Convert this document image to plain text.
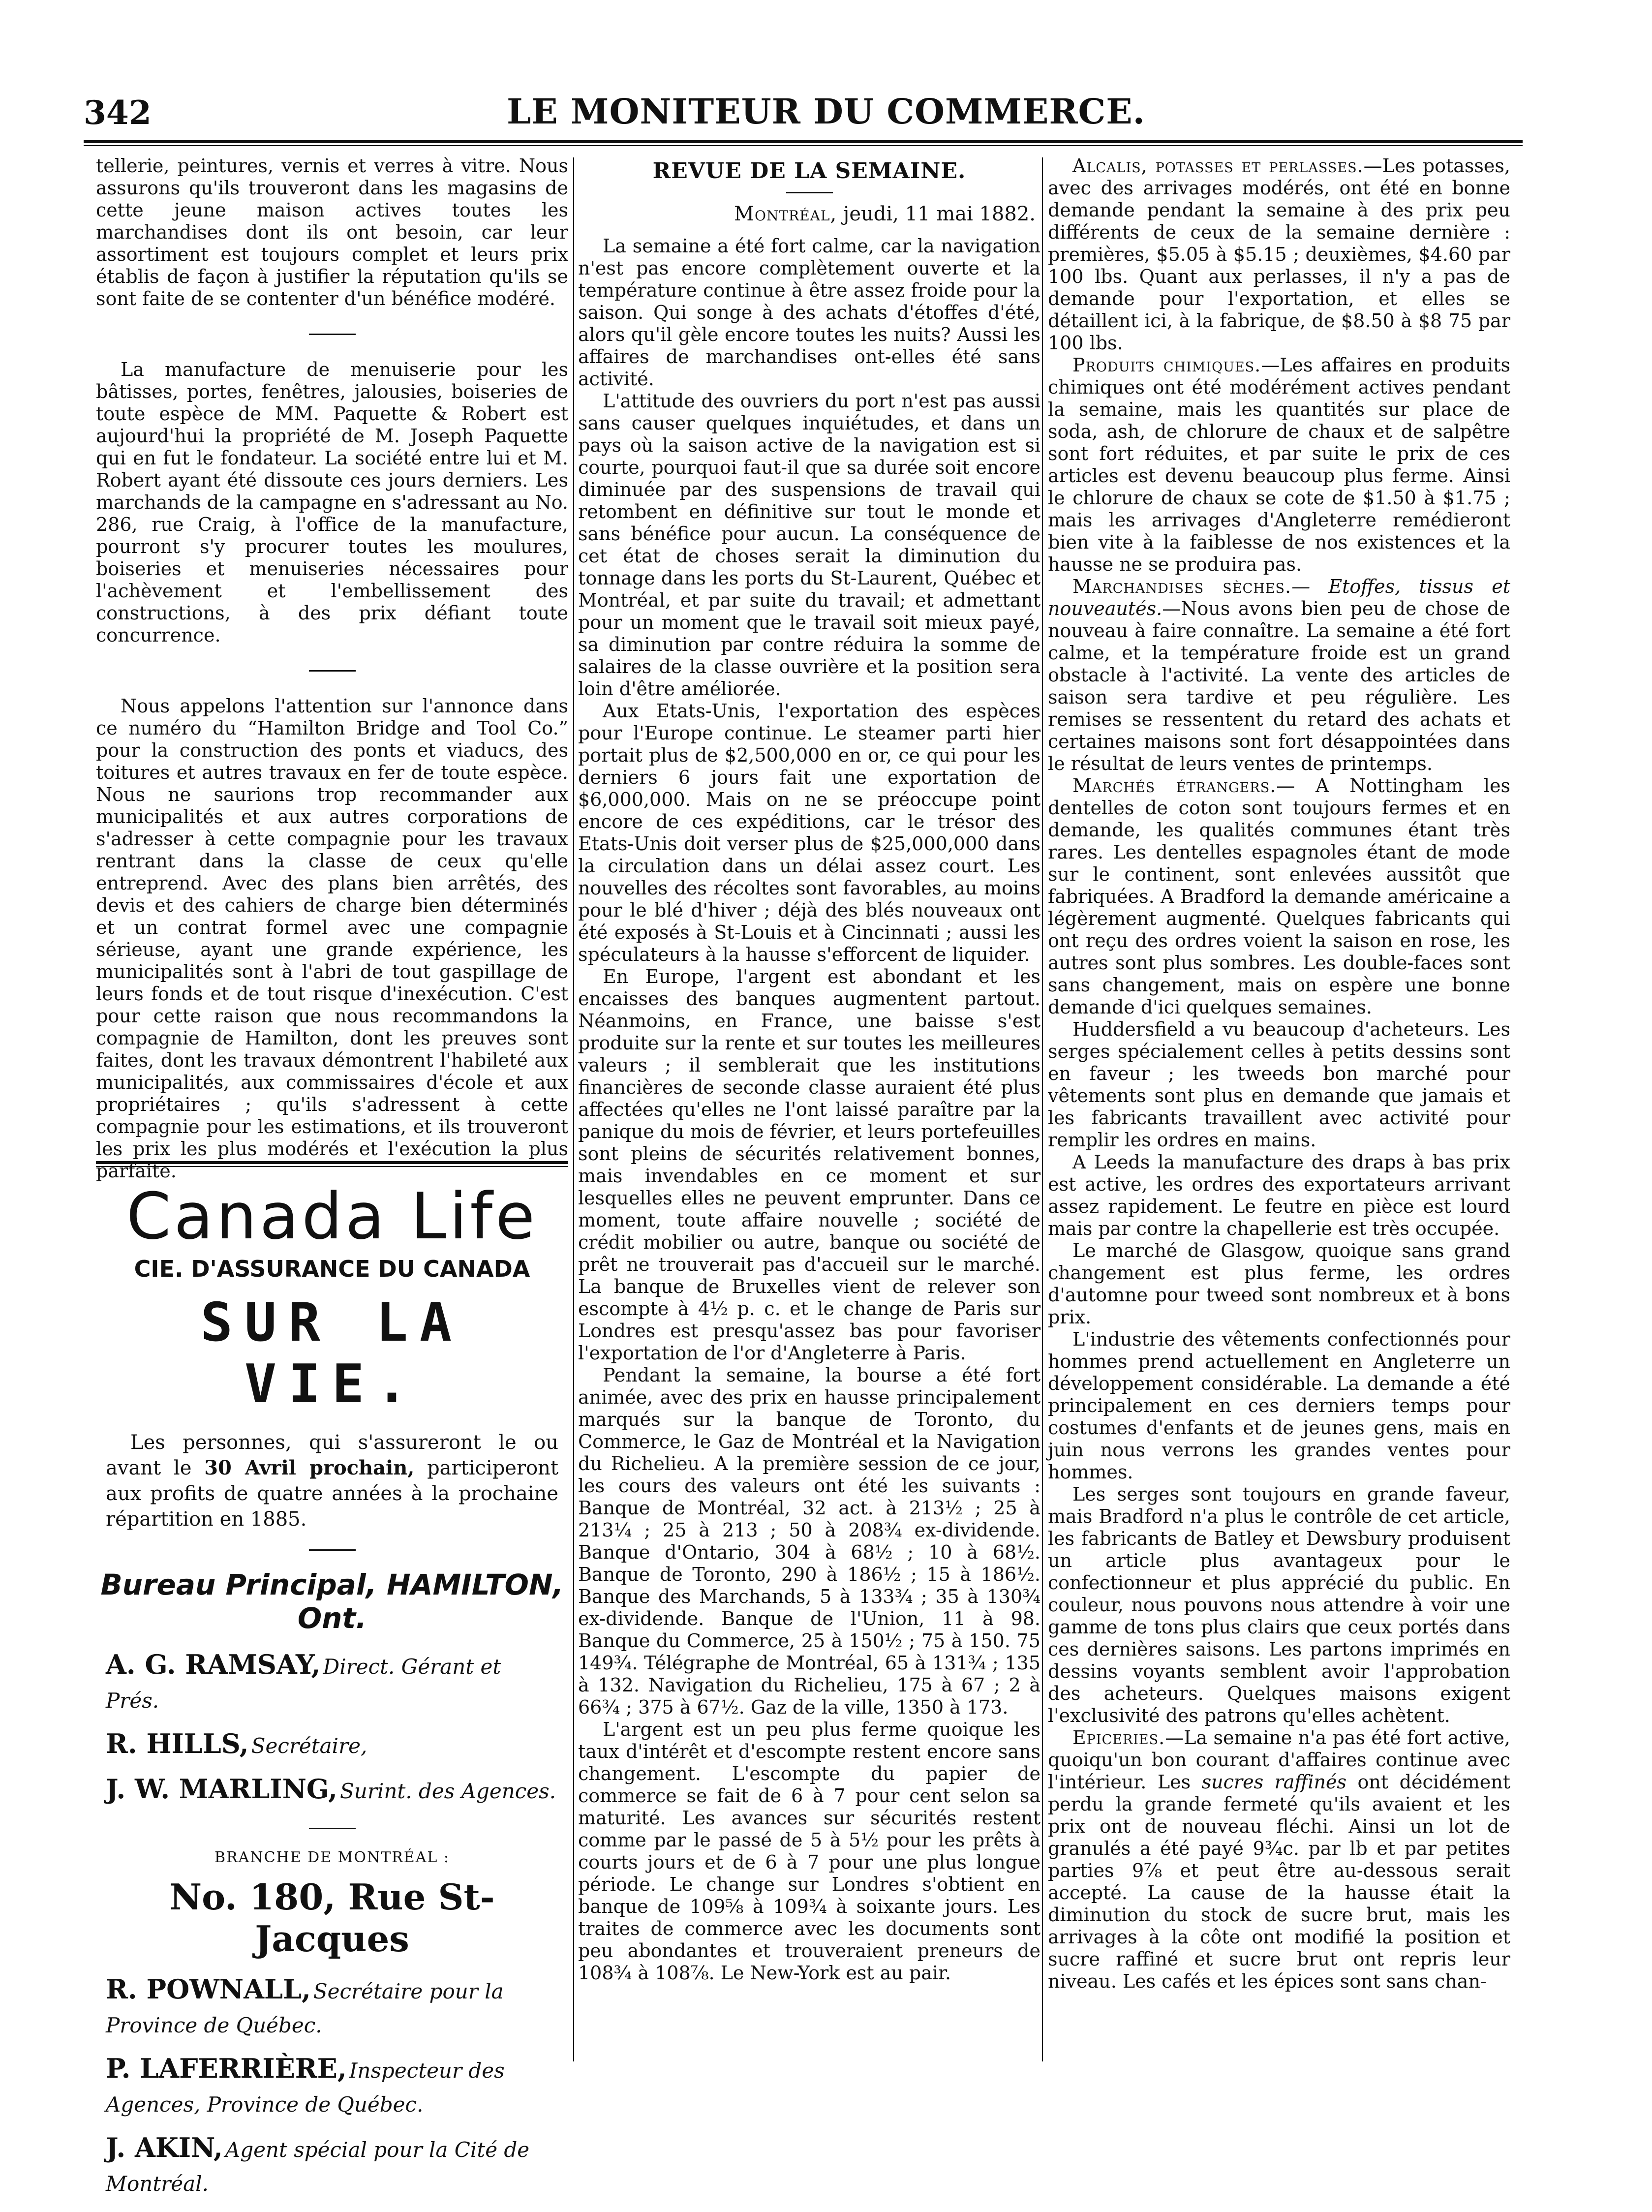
342	LE MONITEUR DU COMMERCE.

tellerie, peintures, vernis et verres à vitre. Nous assurons qu'ils trouveront dans les magasins de cette jeune maison actives toutes les marchandises dont ils ont besoin, car leur assortiment est toujours complet et leurs prix établis de façon à justifier la réputation qu'ils se sont faite de se contenter d'un bénéfice modéré.

La manufacture de menuiserie pour les bâtisses, portes, fenêtres, jalousies, boiseries de toute espèce de MM. Paquette & Robert est aujourd'hui la propriété de M. Joseph Paquette qui en fut le fondateur. La société entre lui et M. Robert ayant été dissoute ces jours derniers. Les marchands de la campagne en s'adressant au No. 286, rue Craig, à l'office de la manufacture, pourront s'y procurer toutes les moulures, boiseries et menuiseries nécessaires pour l'achèvement et l'embellissement des constructions, à des prix défiant toute concurrence.

Nous appelons l'attention sur l'annonce dans ce numéro du “Hamilton Bridge and Tool Co.” pour la construction des ponts et viaducs, des toitures et autres travaux en fer de toute espèce. Nous ne saurions trop recommander aux municipalités et aux autres corporations de s'adresser à cette compagnie pour les travaux rentrant dans la classe de ceux qu'elle entreprend. Avec des plans bien arrêtés, des devis et des cahiers de charge bien déterminés et un contrat formel avec une compagnie sérieuse, ayant une grande expérience, les municipalités sont à l'abri de tout gaspillage de leurs fonds et de tout risque d'inexécution. C'est pour cette raison que nous recommandons la compagnie de Hamilton, dont les preuves sont faites, dont les travaux démontrent l'habileté aux municipalités, aux commissaires d'école et aux propriétaires ; qu'ils s'adressent à cette compagnie pour les estimations, et ils trouveront les prix les plus modérés et l'exécution la plus parfaite.

Canada Life
CIE. D'ASSURANCE DU CANADA
SUR LA VIE.
Les personnes, qui s'assureront le ou avant le 30 Avril prochain, participeront aux profits de quatre années à la prochaine répartition en 1885.
Bureau Principal, HAMILTON, Ont.
A. G. RAMSAY, Direct. Gérant et Prés.
R. HILLS, Secrétaire,
J. W. MARLING, Surint. des Agences.
BRANCHE DE MONTRÉAL :
No. 180, Rue St-Jacques
R. POWNALL, Secrétaire pour la Province de Québec.
P. LAFERRIÈRE, Inspecteur des Agences, Province de Québec.
J. AKIN, Agent spécial pour la Cité de Montréal.
REVUE DE LA SEMAINE.
Montréal, jeudi, 11 mai 1882.

La semaine a été fort calme, car la navigation n'est pas encore complètement ouverte et la température continue à être assez froide pour la saison. Qui songe à des achats d'étoffes d'été, alors qu'il gèle encore toutes les nuits? Aussi les affaires de marchandises ont-elles été sans activité.

L'attitude des ouvriers du port n'est pas aussi sans causer quelques inquiétudes, et dans un pays où la saison active de la navigation est si courte, pourquoi faut-il que sa durée soit encore diminuée par des suspensions de travail qui retombent en définitive sur tout le monde et sans bénéfice pour aucun. La conséquence de cet état de choses serait la diminution du tonnage dans les ports du St-Laurent, Québec et Montréal, et par suite du travail; et admettant pour un moment que le travail soit mieux payé, sa diminution par contre réduira la somme de salaires de la classe ouvrière et la position sera loin d'être améliorée.

Aux Etats-Unis, l'exportation des espèces pour l'Europe continue. Le steamer parti hier portait plus de $2,500,000 en or, ce qui pour les derniers 6 jours fait une exportation de $6,000,000. Mais on ne se préoccupe point encore de ces expéditions, car le trésor des Etats-Unis doit verser plus de $25,000,000 dans la circulation dans un délai assez court. Les nouvelles des récoltes sont favorables, au moins pour le blé d'hiver ; déjà des blés nouveaux ont été exposés à St-Louis et à Cincinnati ; aussi les spéculateurs à la hausse s'efforcent de liquider.

En Europe, l'argent est abondant et les encaisses des banques augmentent partout. Néanmoins, en France, une baisse s'est produite sur la rente et sur toutes les meilleures valeurs ; il semblerait que les institutions financières de seconde classe auraient été plus affectées qu'elles ne l'ont laissé paraître par la panique du mois de février, et leurs portefeuilles sont pleins de sécurités relativement bonnes, mais invendables en ce moment et sur lesquelles elles ne peuvent emprunter. Dans ce moment, toute affaire nouvelle ; société de crédit mobilier ou autre, banque ou société de prêt ne trouverait pas d'accueil sur le marché. La banque de Bruxelles vient de relever son escompte à 4½ p. c. et le change de Paris sur Londres est presqu'assez bas pour favoriser l'exportation de l'or d'Angleterre à Paris.

Pendant la semaine, la bourse a été fort animée, avec des prix en hausse principalement marqués sur la banque de Toronto, du Commerce, le Gaz de Montréal et la Navigation du Richelieu. A la première session de ce jour, les cours des valeurs ont été les suivants : Banque de Montréal, 32 act. à 213½ ; 25 à 213¼ ; 25 à 213 ; 50 à 208¾ ex-dividende. Banque d'Ontario, 304 à 68½ ; 10 à 68½. Banque de Toronto, 290 à 186½ ; 15 à 186½. Banque des Marchands, 5 à 133¾ ; 35 à 130¾ ex-dividende. Banque de l'Union, 11 à 98. Banque du Commerce, 25 à 150½ ; 75 à 150. 75 149¾. Télégraphe de Montréal, 65 à 131¾ ; 135 à 132. Navigation du Richelieu, 175 à 67 ; 2 à 66¾ ; 375 à 67½. Gaz de la ville, 1350 à 173.

L'argent est un peu plus ferme quoique les taux d'intérêt et d'escompte restent encore sans changement. L'escompte du papier de commerce se fait de 6 à 7 pour cent selon sa maturité. Les avances sur sécurités restent comme par le passé de 5 à 5½ pour les prêts à courts jours et de 6 à 7 pour une plus longue période. Le change sur Londres s'obtient en banque de 109⅝ à 109¾ à soixante jours. Les traites de commerce avec les documents sont peu abondantes et trouveraient preneurs de 108¾ à 108⅞. Le New-York est au pair.

Alcalis, potasses et perlasses.—Les potasses, avec des arrivages modérés, ont été en bonne demande pendant la semaine à des prix peu différents de ceux de la semaine dernière : premières, $5.05 à $5.15 ; deuxièmes, $4.60 par 100 lbs. Quant aux perlasses, il n'y a pas de demande pour l'exportation, et elles se détaillent ici, à la fabrique, de $8.50 à $8 75 par 100 lbs.

Produits chimiques.—Les affaires en produits chimiques ont été modérément actives pendant la semaine, mais les quantités sur place de soda, ash, de chlorure de chaux et de salpêtre sont fort réduites, et par suite le prix de ces articles est devenu beaucoup plus ferme. Ainsi le chlorure de chaux se cote de $1.50 à $1.75 ; mais les arrivages d'Angleterre remédieront bien vite à la faiblesse de nos existences et la hausse ne se produira pas.

Marchandises sèches.— Etoffes, tissus et nouveautés.—Nous avons bien peu de chose de nouveau à faire connaître. La semaine a été fort calme, et la température froide est un grand obstacle à l'activité. La vente des articles de saison sera tardive et peu régulière. Les remises se ressentent du retard des achats et certaines maisons sont fort désappointées dans le résultat de leurs ventes de printemps.

Marchés étrangers.— A Nottingham les dentelles de coton sont toujours fermes et en demande, les qualités communes étant très rares. Les dentelles espagnoles étant de mode sur le continent, sont enlevées aussitôt que fabriquées. A Bradford la demande américaine a légèrement augmenté. Quelques fabricants qui ont reçu des ordres voient la saison en rose, les autres sont plus sombres. Les double-faces sont sans changement, mais on espère une bonne demande d'ici quelques semaines.

Huddersfield a vu beaucoup d'acheteurs. Les serges spécialement celles à petits dessins sont en faveur ; les tweeds bon marché pour vêtements sont plus en demande que jamais et les fabricants travaillent avec activité pour remplir les ordres en mains.

A Leeds la manufacture des draps à bas prix est active, les ordres des exportateurs arrivant assez rapidement. Le feutre en pièce est lourd mais par contre la chapellerie est très occupée.

Le marché de Glasgow, quoique sans grand changement est plus ferme, les ordres d'automne pour tweed sont nombreux et à bons prix.

L'industrie des vêtements confectionnés pour hommes prend actuellement en Angleterre un développement considérable. La demande a été principalement en ces derniers temps pour costumes d'enfants et de jeunes gens, mais en juin nous verrons les grandes ventes pour hommes.

Les serges sont toujours en grande faveur, mais Bradford n'a plus le contrôle de cet article, les fabricants de Batley et Dewsbury produisent un article plus avantageux pour le confectionneur et plus apprécié du public. En couleur, nous pouvons nous attendre à voir une gamme de tons plus clairs que ceux portés dans ces dernières saisons. Les partons imprimés en dessins voyants semblent avoir l'approbation des acheteurs. Quelques maisons exigent l'exclusivité des patrons qu'elles achètent.

Epiceries.—La semaine n'a pas été fort active, quoiqu'un bon courant d'affaires continue avec l'intérieur. Les sucres raffinés ont décidément perdu la grande fermeté qu'ils avaient et les prix ont de nouveau fléchi. Ainsi un lot de granulés a été payé 9¾c. par lb et par petites parties 9⅞ et peut être au-dessous serait accepté. La cause de la hausse était la diminution du stock de sucre brut, mais les arrivages à la côte ont modifié la position et sucre raffiné et sucre brut ont repris leur niveau. Les cafés et les épices sont sans chan-
